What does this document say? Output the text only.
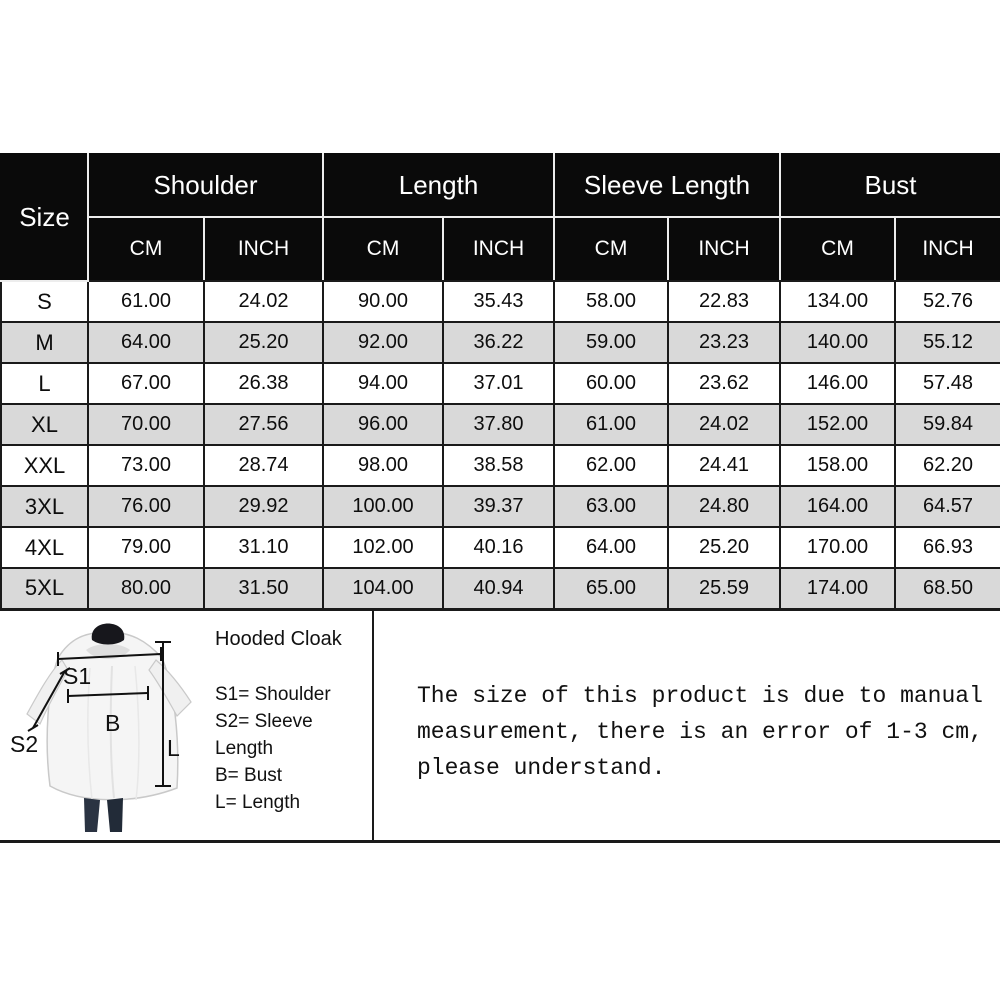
Size	Shoulder		Length		Sleeve Length		Bust	
	CM	INCH	CM	INCH	CM	INCH	CM	INCH
S	61.00	24.02	90.00	35.43	58.00	22.83	134.00	52.76
M	64.00	25.20	92.00	36.22	59.00	23.23	140.00	55.12
L	67.00	26.38	94.00	37.01	60.00	23.62	146.00	57.48
XL	70.00	27.56	96.00	37.80	61.00	24.02	152.00	59.84
XXL	73.00	28.74	98.00	38.58	62.00	24.41	158.00	62.20
3XL	76.00	29.92	100.00	39.37	63.00	24.80	164.00	64.57
4XL	79.00	31.10	102.00	40.16	64.00	25.20	170.00	66.93
5XL	80.00	31.50	104.00	40.94	65.00	25.59	174.00	68.50
S1
S2
B
L
Hooded Cloak
S1= Shoulder
S2= Sleeve Length
B= Bust
L= Length
The size of this product is due to manual
measurement, there is an error of 1-3 cm,
please understand.
